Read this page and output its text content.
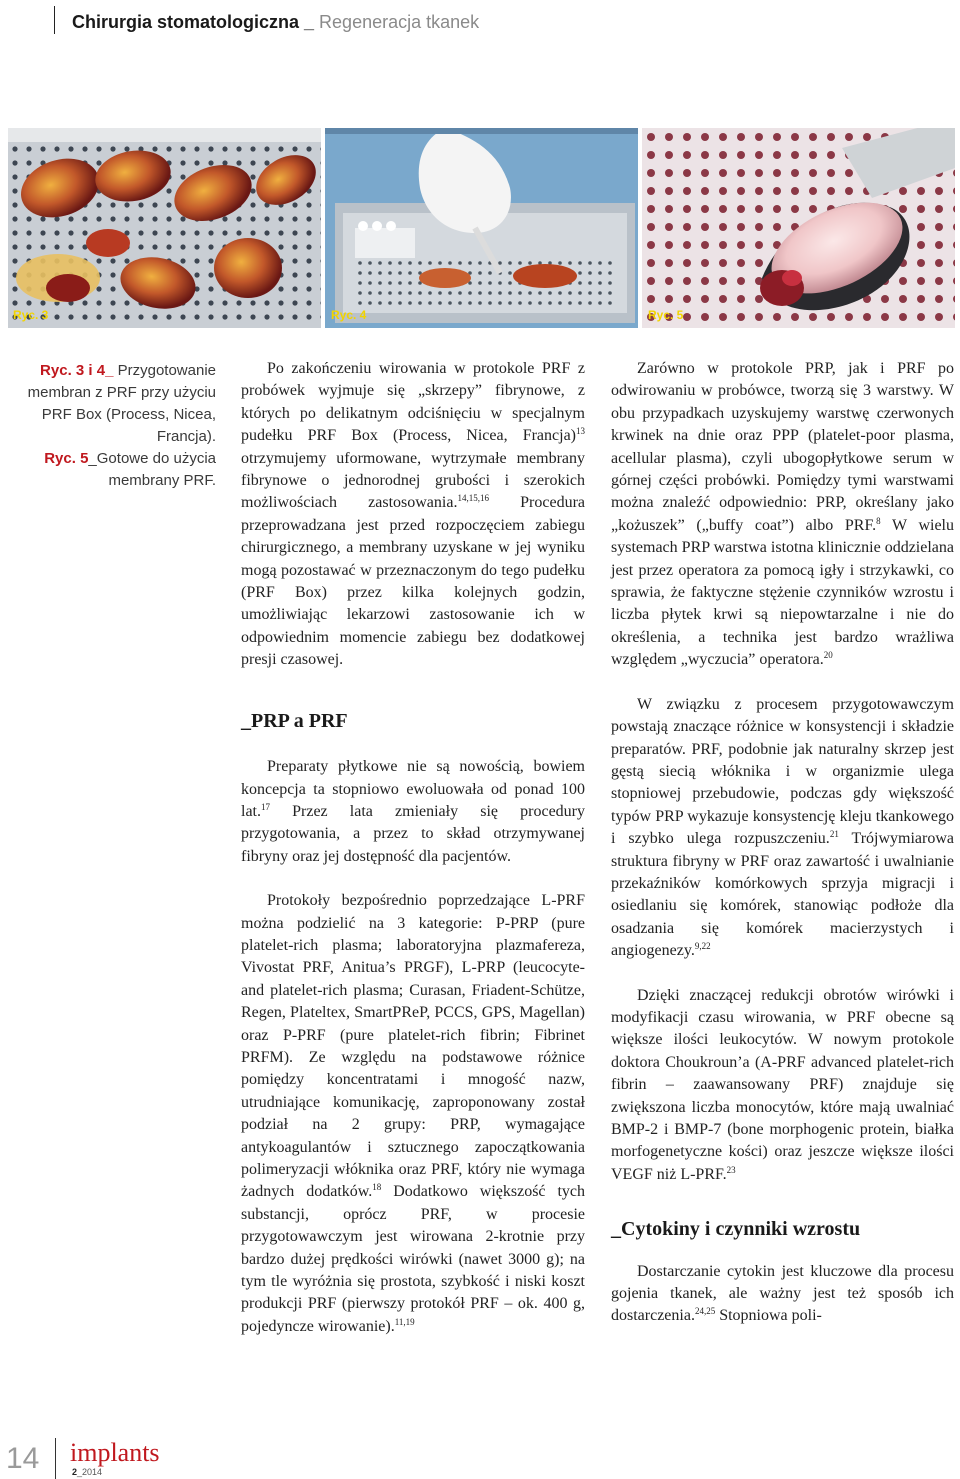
Chirurgia stomatologiczna _ Regeneracja tkanek
Ryc. 3	Ryc. 4	Ryc. 5
Ryc. 3 i 4_ Przygotowanie membran z PRF przy użyciu PRF Box (Process, Nicea, Francja).
Ryc. 5_Gotowe do użycia membrany PRF.

Po zakończeniu wirowania w protokole PRF z probówek wyjmuje się „skrzepy” fibrynowe, z których po delikatnym odciśnięciu w specjalnym pudełku PRF Box (Process, Nicea, Francja)$^{13}$ otrzymujemy uformowane, wytrzymałe membrany fibrynowe o jednorodnej grubości i szerokich możliwościach zastosowania.$^{14,15,16}$ Procedura przeprowadzana jest przed rozpoczęciem zabiegu chirurgicznego, a membrany uzyskane w jej wyniku mogą pozostawać w przeznaczonym do tego pudełku (PRF Box) przez kilka kolejnych godzin, umożliwiając lekarzowi zastosowanie ich w odpowiednim momencie zabiegu bez dodatkowej presji czasowej.

_PRP a PRF

Preparaty płytkowe nie są nowością, bowiem koncepcja ta stopniowo ewoluowała od ponad 100 lat.$^{17}$ Przez lata zmieniały się procedury przygotowania, a przez to skład otrzymywanej fibryny oraz jej dostępność dla pacjentów.

Protokoły bezpośrednio poprzedzające L-PRF można podzielić na 3 kategorie: P-PRP (pure platelet-rich plasma; laboratoryjna plazmafereza, Vivostat PRF, Anitua’s PRGF), L-PRP (leucocyte- and platelet-rich plasma; Curasan, Friadent-Schütze, Regen, Plateltex, SmartPReP, PCCS, GPS, Magellan) oraz P-PRF (pure platelet-rich fibrin; Fibrinet PRFM). Ze względu na podstawowe różnice pomiędzy koncentratami i mnogość nazw, utrudniające komunikację, zaproponowany został podział na 2 grupy: PRP, wymagające antykoagulantów i sztucznego zapoczątkowania polimeryzacji włóknika oraz PRF, który nie wymaga żadnych dodatków.$^{18}$ Dodatkowo większość tych substancji, oprócz PRF, w procesie przygotowawczym jest wirowana 2-krotnie przy bardzo dużej prędkości wirówki (nawet 3000 g); na tym tle wyróżnia się prostota, szybkość i niski koszt produkcji PRF (pierwszy protokół PRF – ok. 400 g, pojedyncze wirowanie).$^{11,19}$

Zarówno w protokole PRP, jak i PRF po odwirowaniu w probówce, tworzą się 3 warstwy. W obu przypadkach uzyskujemy warstwę czerwonych krwinek na dnie oraz PPP (platelet-poor plasma, acellular plasma), czyli ubogopłytkowe serum w górnej części probówki. Pomiędzy tymi warstwami można znaleźć odpowiednio: PRP, określany jako „kożuszek” („buffy coat”) albo PRF.$^8$ W wielu systemach PRP warstwa istotna klinicznie oddzielana jest przez operatora za pomocą igły i strzykawki, co sprawia, że faktyczne stężenie czynników wzrostu i liczba płytek krwi są niepowtarzalne i nie do określenia, a technika jest bardzo wrażliwa względem „wyczucia” operatora.$^{20}$

W związku z procesem przygotowawczym powstają znaczące różnice w konsystencji i składzie preparatów. PRF, podobnie jak naturalny skrzep jest gęstą siecią włóknika i w organizmie ulega stopniowej przebudowie, podczas gdy większość typów PRP wykazuje konsystencję kleju tkankowego i szybko ulega rozpuszczeniu.$^{21}$ Trójwymiarowa struktura fibryny w PRF oraz zawartość i uwalnianie przekaźników komórkowych sprzyja migracji i osiedlaniu się komórek, stanowiąc podłoże dla osadzania się komórek macierzystych i angiogenezy.$^{9,22}$

Dzięki znaczącej redukcji obrotów wirówki i modyfikacji czasu wirowania, w PRF obecne są większe ilości leukocytów. W nowym protokole doktora Choukroun’a (A-PRF advanced platelet-rich fibrin – zaawansowany PRF) znajduje się zwiększona liczba monocytów, które mają uwalniać BMP-2 i BMP-7 (bone morphogenic protein, białka morfogenetyczne kości) oraz jeszcze większe ilości VEGF niż L-PRF.$^{23}$

_Cytokiny i czynniki wzrostu

Dostarczanie cytokin jest kluczowe dla procesu gojenia tkanek, ale ważny jest też sposób ich dostarczenia.$^{24,25}$ Stopniowa poli-

14 implants
2_2014
